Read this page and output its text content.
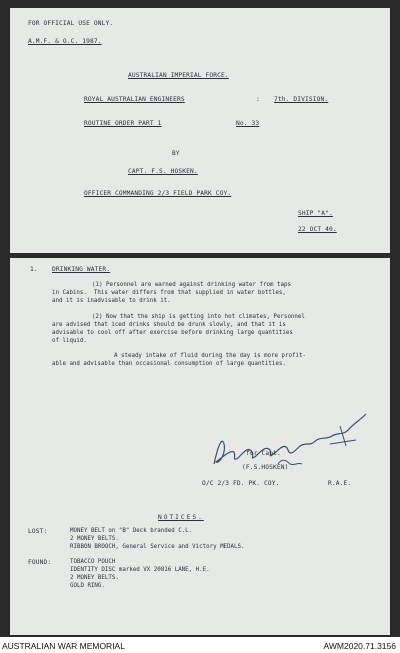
FOR OFFICIAL USE ONLY.
A.M.F. & O.C. 1987.
AUSTRALIAN IMPERIAL FORCE.
ROYAL AUSTRALIAN ENGINEERS	: 7th. DIVISION.
ROUTINE ORDER PART 1	No. 33
BY
CAPT. F.S. HOSKEN.
OFFICER COMMANDING 2/3 FIELD PARK COY.
SHIP "A".
22 OCT 40.
1. DRINKING WATER.
(1) Personnel are warned against drinking water from taps
in Cabins.  This water differs from that supplied in water bottles,
and it is inadvisable to drink it.
(2) Now that the ship is getting into hot climates, Personnel
are advised that iced drinks should be drunk slowly, and that it is
advisable to cool off after exercise before drinking large quantities
of liquid.
A steady intake of fluid during the day is more profit-
able and advisable than occasional consumption of large quantities.
for Capt.
(F.S.HOSKEN)
O/C 2/3 FD. PK. COY.	R.A.E.
NOTICES.
LOST:	MONEY BELT on "B" Deck branded C.L.
2 MONEY BELTS.
RIBBON BROOCH, General Service and Victory MEDALS.
FOUND:	TOBACCO POUCH
IDENTITY DISC marked VX 20816 LANE, H.E.
2 MONEY BELTS.
GOLD RING.
AUSTRALIAN WAR MEMORIAL	AWM2020.71.3156
